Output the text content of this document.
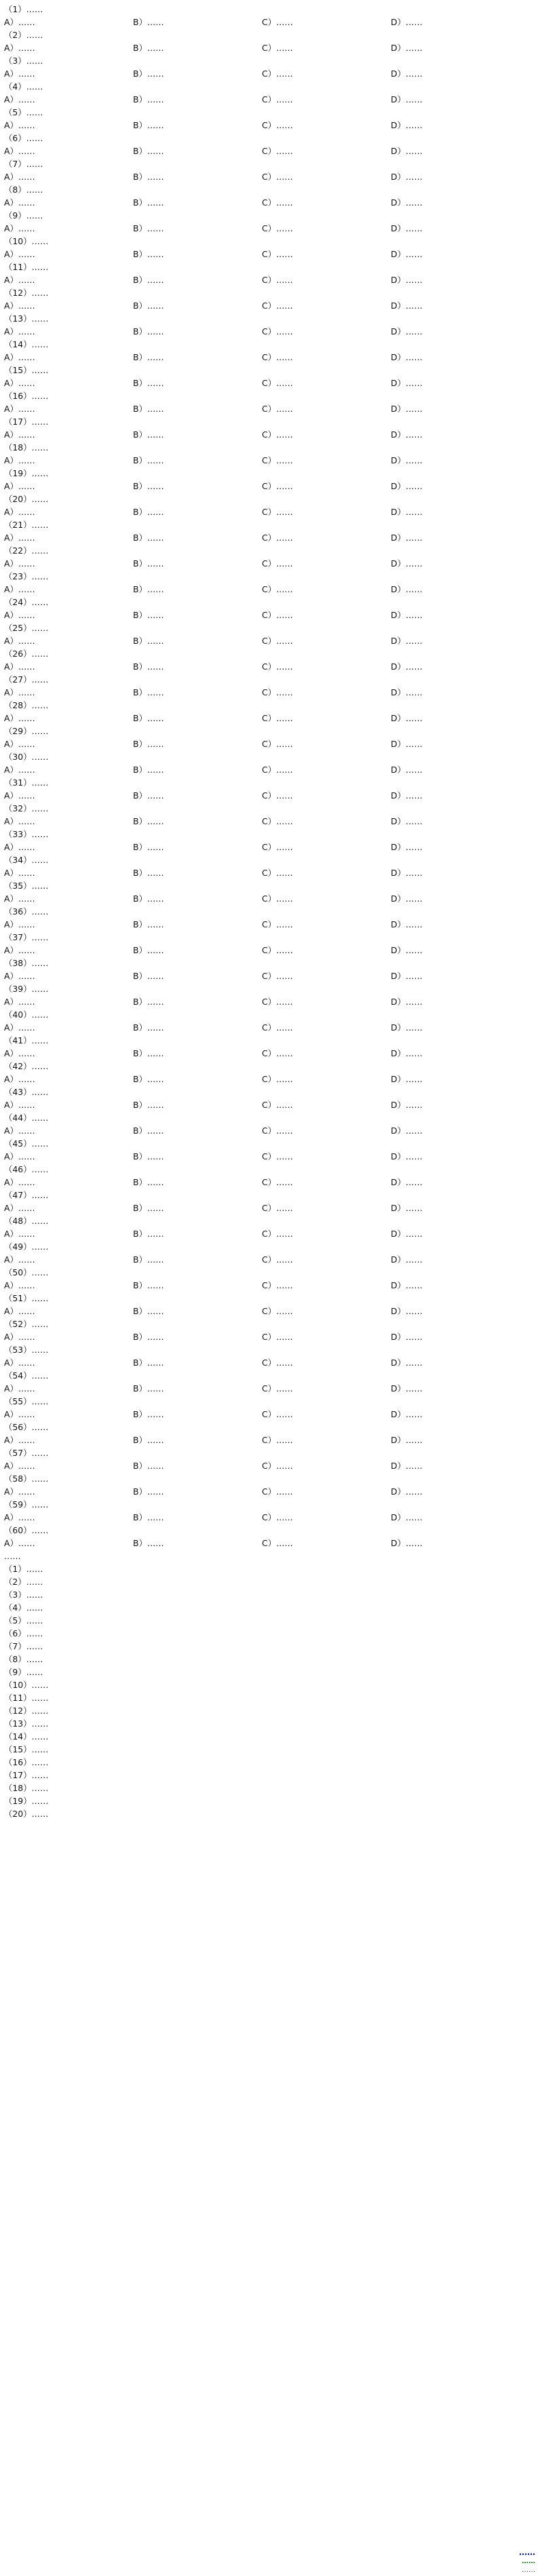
（1）……
A）……	B）……	C）……	D）……
（2）……
A）……	B）……	C）……	D）……
（3）……
A）……	B）……	C）……	D）……
（4）……
A）……	B）……	C）……	D）……
（5）……
A）……	B）……	C）……	D）……
（6）……
A）……	B）……	C）……	D）……
（7）……
A）……	B）……	C）……	D）……
（8）……
A）……	B）……	C）……	D）……
（9）……
A）……	B）……	C）……	D）……
（10）……
A）……	B）……	C）……	D）……
（11）……
A）……	B）……	C）……	D）……
（12）……
A）……	B）……	C）……	D）……
（13）……
A）……	B）……	C）……	D）……
（14）……
A）……	B）……	C）……	D）……
（15）……
A）……	B）……	C）……	D）……
（16）……
A）……	B）……	C）……	D）……
（17）……
A）……	B）……	C）……	D）……
（18）……
A）……	B）……	C）……	D）……
（19）……
A）……	B）……	C）……	D）……
（20）……
A）……	B）……	C）……	D）……
（21）……
A）……	B）……	C）……	D）……
（22）……
A）……	B）……	C）……	D）……
（23）……
A）……	B）……	C）……	D）……
（24）……
A）……	B）……	C）……	D）……
（25）……
A）……	B）……	C）……	D）……
（26）……
A）……	B）……	C）……	D）……
（27）……
A）……	B）……	C）……	D）……
（28）……
A）……	B）……	C）……	D）……
（29）……
A）……	B）……	C）……	D）……
（30）……
A）……	B）……	C）……	D）……
（31）……
A）……	B）……	C）……	D）……
（32）……
A）……	B）……	C）……	D）……
（33）……
A）……	B）……	C）……	D）……
（34）……
A）……	B）……	C）……	D）……
（35）……
A）……	B）……	C）……	D）……
（36）……
A）……	B）……	C）……	D）……
（37）……
A）……	B）……	C）……	D）……
（38）……
A）……	B）……	C）……	D）……
（39）……
A）……	B）……	C）……	D）……
（40）……
A）……	B）……	C）……	D）……
（41）……
A）……	B）……	C）……	D）……
（42）……
A）……	B）……	C）……	D）……
（43）……
A）……	B）……	C）……	D）……
（44）……
A）……	B）……	C）……	D）……
（45）……
A）……	B）……	C）……	D）……
（46）……
A）……	B）……	C）……	D）……
（47）……
A）……	B）……	C）……	D）……
（48）……
A）……	B）……	C）……	D）……
（49）……
A）……	B）……	C）……	D）……
（50）……
A）……	B）……	C）……	D）……
（51）……
A）……	B）……	C）……	D）……
（52）……
A）……	B）……	C）……	D）……
（53）……
A）……	B）……	C）……	D）……
（54）……
A）……	B）……	C）……	D）……
（55）……
A）……	B）……	C）……	D）……
（56）……
A）……	B）……	C）……	D）……
（57）……
A）……	B）……	C）……	D）……
（58）……
A）……	B）……	C）……	D）……
（59）……
A）……	B）……	C）……	D）……
（60）……
A）……	B）……	C）……	D）……
……
（1）……
（2）……
（3）……
（4）……
（5）……
（6）……
（7）……
（8）……
（9）……
（10）……
（11）……
（12）……
（13）……
（14）……
（15）……
（16）……
（17）……
（18）……
（19）……
（20）……
……
……
……
